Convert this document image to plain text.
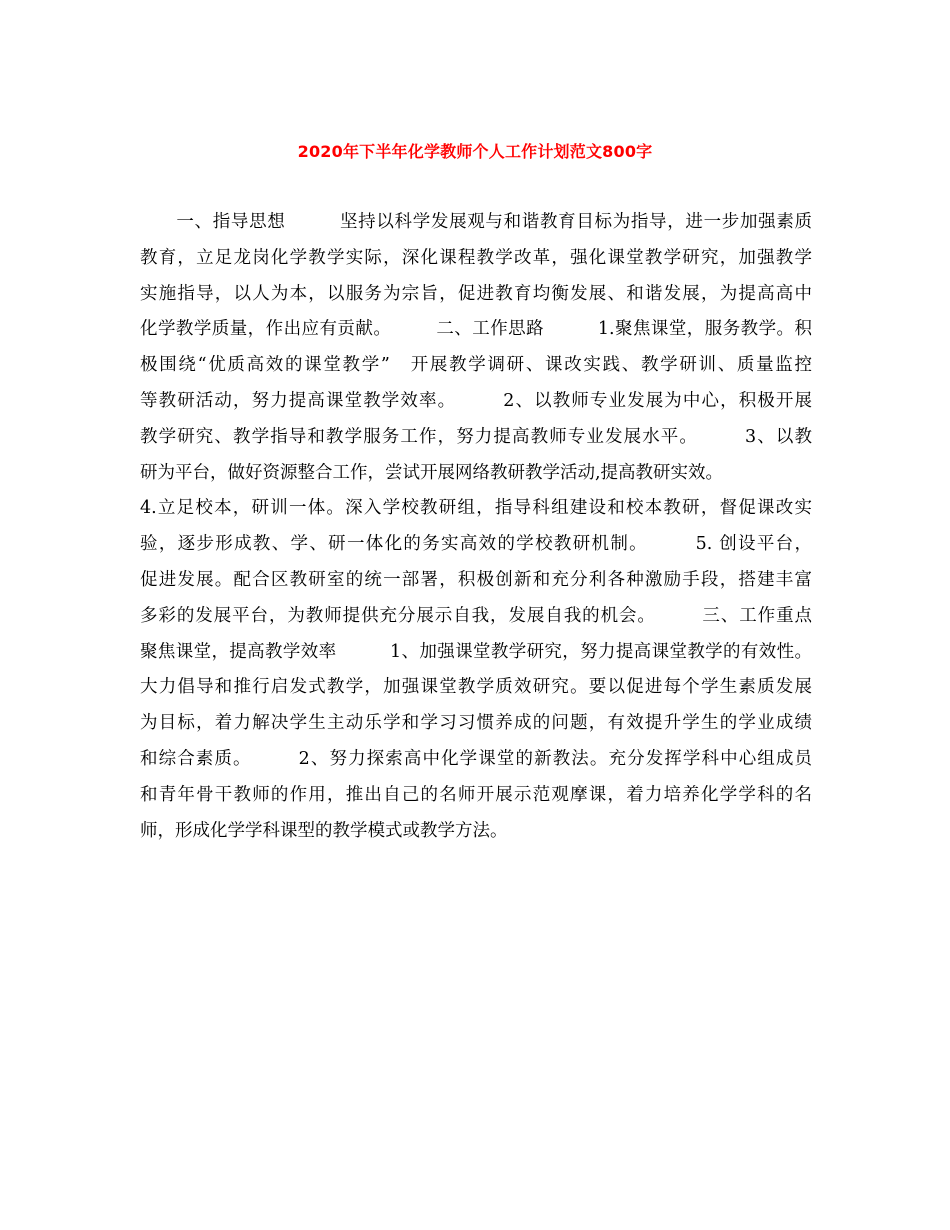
2020年下半年化学教师个人工作计划范文800字
　　一、指导思想　　　坚持以科学发展观与和谐教育目标为指导，进一步加强素质
教育，立足龙岗化学教学实际，深化课程教学改革，强化课堂教学研究，加强教学
实施指导，以人为本，以服务为宗旨，促进教育均衡发展、和谐发展，为提高高中
化学教学质量，作出应有贡献。　　　二、工作思路　　　1.聚焦课堂，服务教学。积
极围绕“优质高效的课堂教学”　开展教学调研、课改实践、教学研训、质量监控
等教研活动，努力提高课堂教学效率。　　　2、以教师专业发展为中心，积极开展
教学研究、教学指导和教学服务工作，努力提高教师专业发展水平。　　　3、以教
研为平台，做好资源整合工作，尝试开展网络教研教学活动,提高教研实效。
4.立足校本，研训一体。深入学校教研组，指导科组建设和校本教研，督促课改实
验，逐步形成教、学、研一体化的务实高效的学校教研机制。　　　5. 创设平台，
促进发展。配合区教研室的统一部署，积极创新和充分利各种激励手段，搭建丰富
多彩的发展平台，为教师提供充分展示自我，发展自我的机会。　　　三、工作重点
聚焦课堂，提高教学效率　　　1、加强课堂教学研究，努力提高课堂教学的有效性。
大力倡导和推行启发式教学，加强课堂教学质效研究。要以促进每个学生素质发展
为目标，着力解决学生主动乐学和学习习惯养成的问题，有效提升学生的学业成绩
和综合素质。　　　2、努力探索高中化学课堂的新教法。充分发挥学科中心组成员
和青年骨干教师的作用，推出自己的名师开展示范观摩课，着力培养化学学科的名
师，形成化学学科课型的教学模式或教学方法。
